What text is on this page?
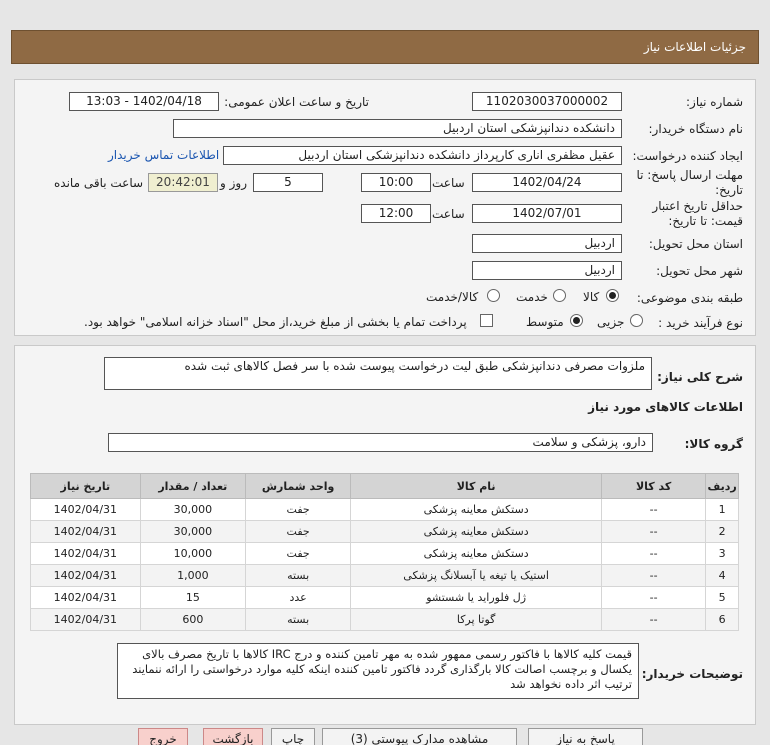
جزئیات اطلاعات نیاز
شماره نیاز:
1102030037000002
تاریخ و ساعت اعلان عمومی:
1402/04/18 - 13:03
نام دستگاه خریدار:
دانشکده دندانپزشکی استان اردبیل
ایجاد کننده درخواست:
عقیل مظفری اناری کارپرداز دانشکده دندانپزشکی استان اردبیل
اطلاعات تماس خریدار
مهلت ارسال پاسخ: تا
تاریخ:
1402/04/24
ساعت
10:00
5
روز و
20:42:01
ساعت باقی مانده
حداقل تاریخ اعتبار
قیمت: تا تاریخ:
1402/07/01
ساعت
12:00
استان محل تحویل:
اردبیل
شهر محل تحویل:
اردبیل
طبقه بندی موضوعی:
کالا
خدمت
کالا/خدمت
نوع فرآیند خرید :
جزیی
متوسط
پرداخت تمام یا بخشی از مبلغ خرید،از محل "اسناد خزانه اسلامی" خواهد بود.
شرح کلی نیاز:
ملزوات مصرفی دندانپزشکی طبق لیت درخواست پیوست شده با سر فصل کالاهای ثبت شده
اطلاعات کالاهای مورد نیاز
گروه کالا:
دارو، پزشکی و سلامت
ردیف	کد کالا	نام کالا	واحد شمارش	تعداد / مقدار	تاریخ نیاز
1	--	دستکش معاینه پزشکی	جفت	30,000	1402/04/31
2	--	دستکش معاینه پزشکی	جفت	30,000	1402/04/31
3	--	دستکش معاینه پزشکی	جفت	10,000	1402/04/31
4	--	استیک یا تیغه یا آبسلانگ پزشکی	بسته	1,000	1402/04/31
5	--	ژل فلوراید یا شستشو	عدد	15	1402/04/31
6	--	گوتا پرکا	بسته	600	1402/04/31
توضیحات خریدار:
قیمت کلیه کالاها با فاکتور رسمی ممهور شده به مهر تامین کننده و درج IRC کالاها با تاریخ مصرف بالای یکسال و برچسب اصالت کالا بارگذاری گردد فاکتور تامین کننده اینکه کلیه موارد درخواستی را ارائه ننمایند ترتیب اثر داده نخواهد شد
پاسخ به نیاز
مشاهده مدارک پیوستی (3)
چاپ
بازگشت
خروج
